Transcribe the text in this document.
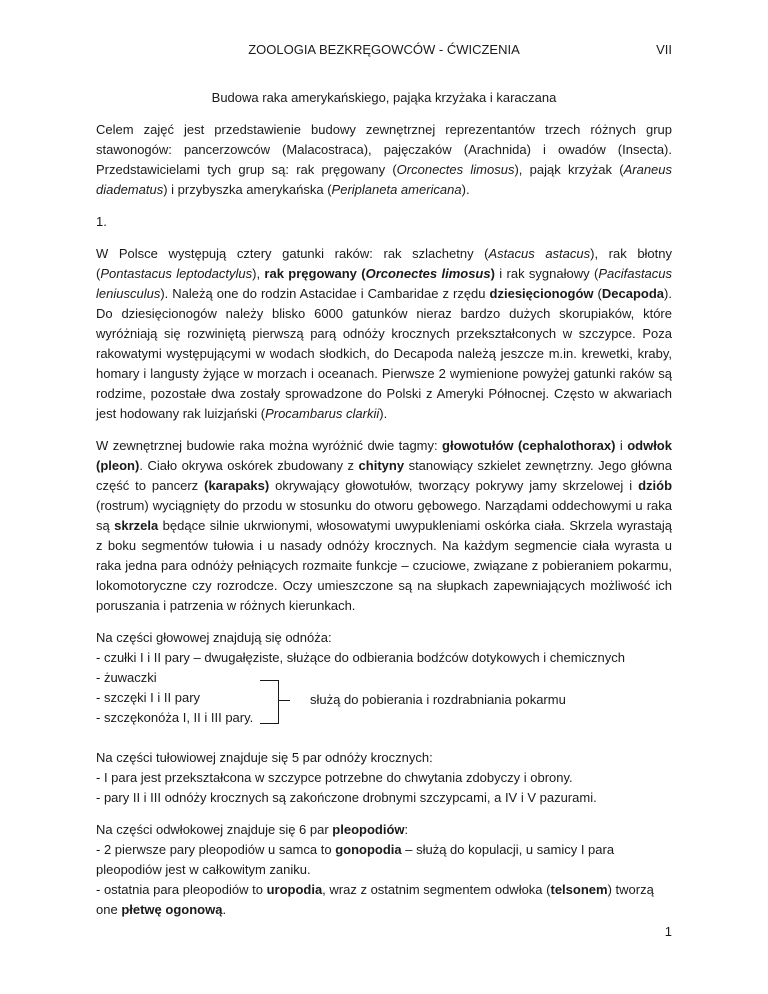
ZOOLOGIA BEZKRĘGOWCÓW - ĆWICZENIA	VII
Budowa raka amerykańskiego, pająka krzyżaka i karaczana

Celem zajęć jest przedstawienie budowy zewnętrznej reprezentantów trzech różnych grup stawonogów: pancerzowców (Malacostraca), pajęczaków (Arachnida) i owadów (Insecta). Przedstawicielami tych grup są: rak pręgowany (Orconectes limosus), pająk krzyżak (Araneus diadematus) i przybyszka amerykańska (Periplaneta americana).

1.

W Polsce występują cztery gatunki raków: rak szlachetny (Astacus astacus), rak błotny (Pontastacus leptodactylus), rak pręgowany (Orconectes limosus) i rak sygnałowy (Pacifastacus leniusculus). Należą one do rodzin Astacidae i Cambaridae z rzędu dziesięcionogów (Decapoda). Do dziesięcionogów należy blisko 6000 gatunków nieraz bardzo dużych skorupiaków, które wyróżniają się rozwiniętą pierwszą parą odnóży krocznych przekształconych w szczypce. Poza rakowatymi występującymi w wodach słodkich, do Decapoda należą jeszcze m.in. krewetki, kraby, homary i langusty żyjące w morzach i oceanach. Pierwsze 2 wymienione powyżej gatunki raków są rodzime, pozostałe dwa zostały sprowadzone do Polski z Ameryki Północnej. Często w akwariach jest hodowany rak luizjański (Procambarus clarkii).

W zewnętrznej budowie raka można wyróżnić dwie tagmy: głowotułów (cephalothorax) i odwłok (pleon). Ciało okrywa oskórek zbudowany z chityny stanowiący szkielet zewnętrzny. Jego główna część to pancerz (karapaks) okrywający głowotułów, tworzący pokrywy jamy skrzelowej i dziób (rostrum) wyciągnięty do przodu w stosunku do otworu gębowego. Narządami oddechowymi u raka są skrzela będące silnie ukrwionymi, włosowatymi uwypukleniami oskórka ciała. Skrzela wyrastają z boku segmentów tułowia i u nasady odnóży krocznych. Na każdym segmencie ciała wyrasta u raka jedna para odnóży pełniących rozmaite funkcje – czuciowe, związane z pobieraniem pokarmu, lokomotoryczne czy rozrodcze. Oczy umieszczone są na słupkach zapewniających możliwość ich poruszania i patrzenia w różnych kierunkach.

Na części głowowej znajdują się odnóża:
- czułki I i II pary – dwugałęziste, służące do odbierania bodźców dotykowych i chemicznych
- żuwaczki
- szczęki I i II pary
- szczękonóża I, II i III pary.
służą do pobierania i rozdrabniania pokarmu
Na części tułowiowej znajduje się 5 par odnóży krocznych:
- I para jest przekształcona w szczypce potrzebne do chwytania zdobyczy i obrony.
- pary II i III odnóży krocznych są zakończone drobnymi szczypcami, a IV i V pazurami.
Na części odwłokowej znajduje się 6 par pleopodiów:
- 2 pierwsze pary pleopodiów u samca to gonopodia – służą do kopulacji, u samicy I para pleopodiów jest w całkowitym zaniku.
- ostatnia para pleopodiów to uropodia, wraz z ostatnim segmentem odwłoka (telsonem) tworzą one płetwę ogonową.
1
